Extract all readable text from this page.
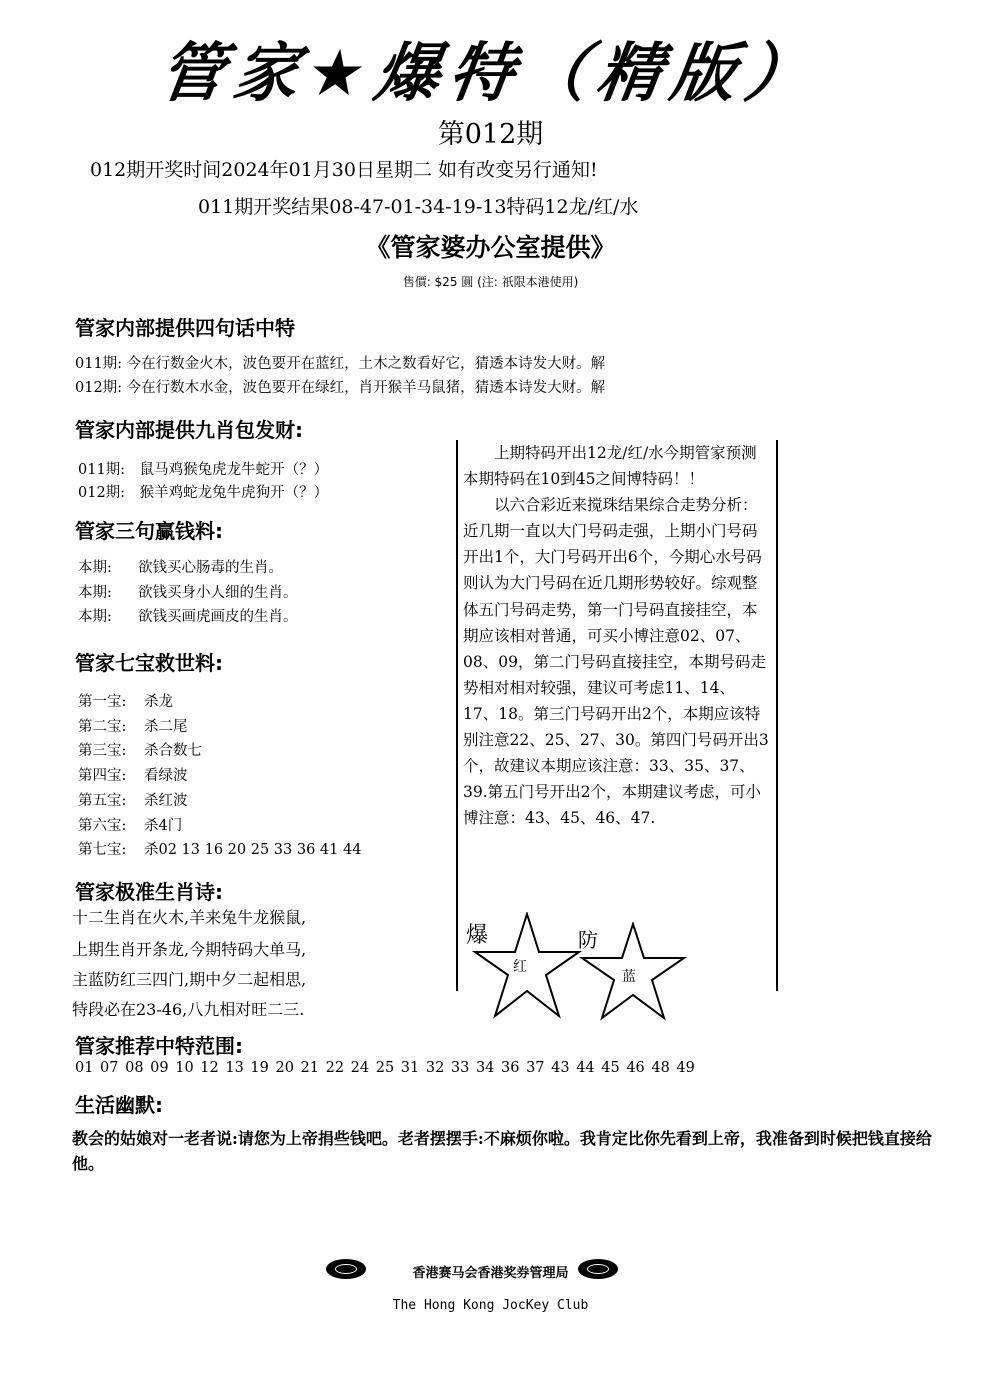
管家★爆特（精版）
第012期
012期开奖时间2024年01月30日星期二 如有改变另行通知!
011期开奖结果08-47-01-34-19-13特码12龙/红/水
《管家婆办公室提供》
售價: $25 圓 (注: 祇限本港使用)
管家内部提供四句话中特
011期: 今在行数金火木，波色要开在蓝红，土木之数看好它，猜透本诗发大财。解
012期: 今在行数木水金，波色要开在绿红，肖开猴羊马鼠猪，猜透本诗发大财。解
管家内部提供九肖包发财:
011期: 鼠马鸡猴兔虎龙牛蛇开（？）
012期: 猴羊鸡蛇龙兔牛虎狗开（？）
管家三句赢钱料:
本期: 欲钱买心肠毒的生肖。
本期: 欲钱买身小人细的生肖。
本期: 欲钱买画虎画皮的生肖。
管家七宝救世料:
第一宝: 杀龙
第二宝: 杀二尾
第三宝: 杀合数七
第四宝: 看绿波
第五宝: 杀红波
第六宝: 杀4门
第七宝: 杀02 13 16 20 25 33 36 41 44
管家极准生肖诗:
十二生肖在火木,羊来兔牛龙猴鼠,
上期生肖开条龙,今期特码大单马,
主蓝防红三四门,期中夕二起相思,
特段必在23-46,八九相对旺二三.

上期特码开出12龙/红/水今期管家预测本期特码在10到45之间博特码！！

以六合彩近来搅珠结果综合走势分析：近几期一直以大门号码走强，上期小门号码开出1个，大门号码开出6个，今期心水号码则认为大门号码在近几期形势较好。综观整体五门号码走势，第一门号码直接挂空，本期应该相对普通，可买小博注意02、07、08、09，第二门号码直接挂空，本期号码走势相对相对较强，建议可考虑11、14、17、18。第三门号码开出2个，本期应该特别注意22、25、27、30。第四门号码开出3个，故建议本期应该注意：33、35、37、39.第五门号开出2个，本期建议考虑，可小博注意：43、45、46、47.

爆
红
防
蓝
管家推荐中特范围:
01 07 08 09 10 12 13 19 20 21 22 24 25 31 32 33 34 36 37 43 44 45 46 48 49
生活幽默:
教会的姑娘对一老者说:请您为上帝捐些钱吧。老者摆摆手:不麻烦你啦。我肯定比你先看到上帝，我准备到时候把钱直接给他。
香港赛马会香港奖券管理局
The Hong Kong JocKey Club
